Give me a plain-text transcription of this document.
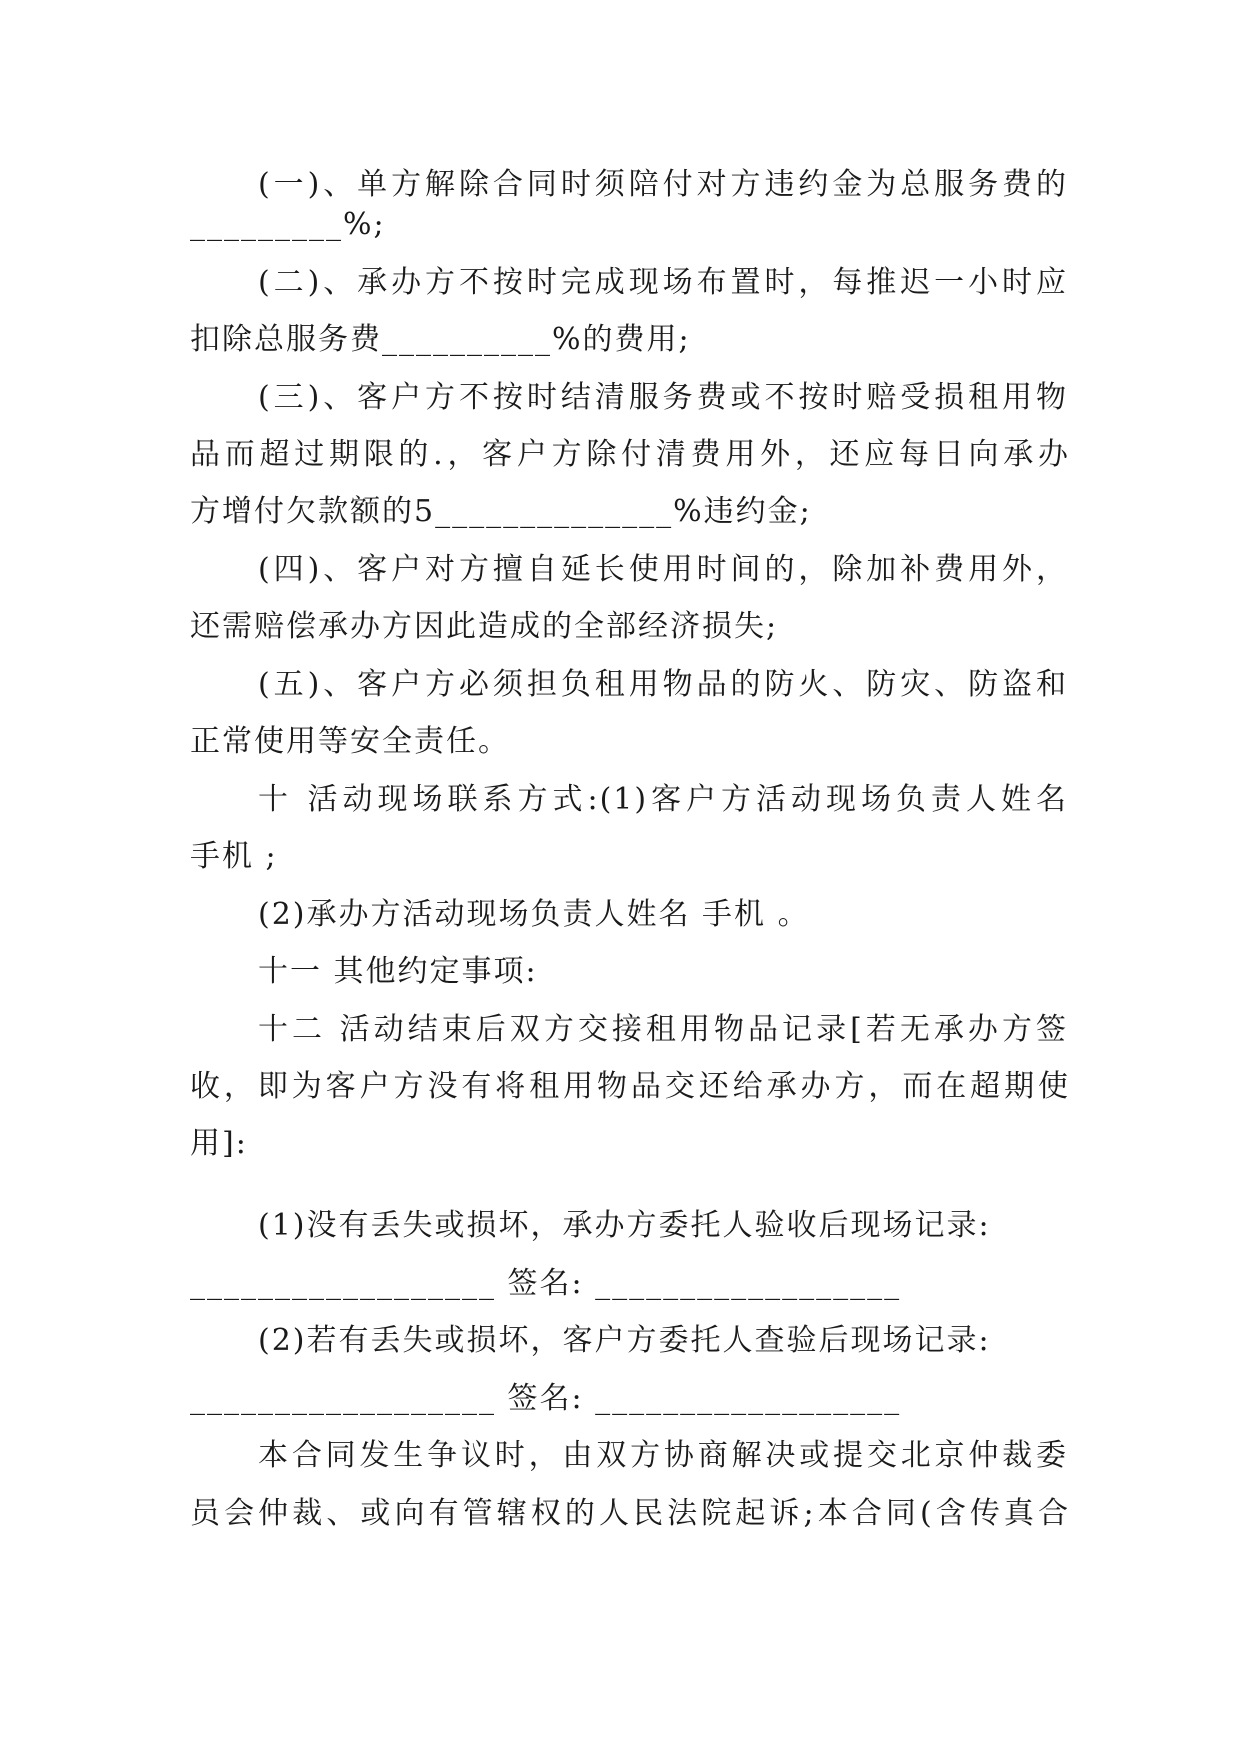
(一)、单方解除合同时须陪付对方违约金为总服务费的
_________%;
(二)、承办方不按时完成现场布置时，每推迟一小时应
扣除总服务费__________%的费用;
(三)、客户方不按时结清服务费或不按时赔受损租用物
品而超过期限的.，客户方除付清费用外，还应每日向承办
方增付欠款额的5______________%违约金;
(四)、客户对方擅自延长使用时间的，除加补费用外，
还需赔偿承办方因此造成的全部经济损失;
(五)、客户方必须担负租用物品的防火、防灾、防盗和
正常使用等安全责任。
十 活动现场联系方式:(1)客户方活动现场负责人姓名
手机 ;
(2)承办方活动现场负责人姓名 手机 。
十一 其他约定事项:
十二 活动结束后双方交接租用物品记录[若无承办方签
收，即为客户方没有将租用物品交还给承办方，而在超期使
用]:
(1)没有丢失或损坏，承办方委托人验收后现场记录:
__________________ 签名: __________________
(2)若有丢失或损坏，客户方委托人查验后现场记录:
__________________ 签名: __________________
本合同发生争议时，由双方协商解决或提交北京仲裁委
员会仲裁、或向有管辖权的人民法院起诉;本合同(含传真合
